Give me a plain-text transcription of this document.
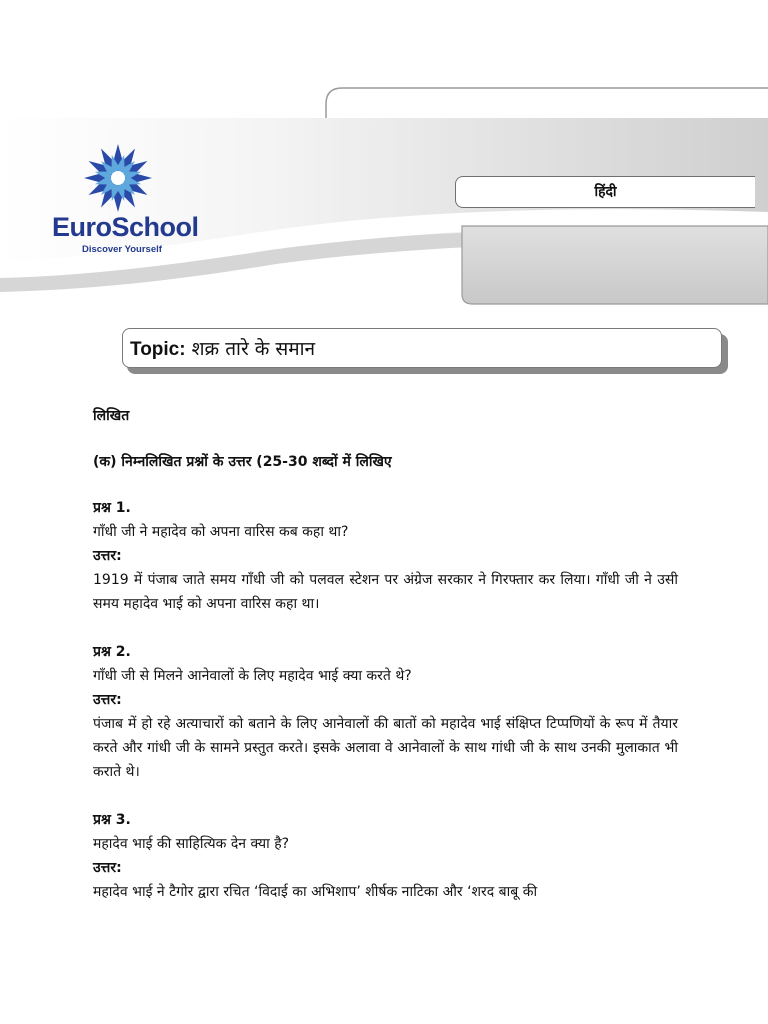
EuroSchool
Discover Yourself
हिंदी
Topic: शक्र तारे के समान

लिखित

(क) निम्नलिखित प्रश्नों के उत्तर (25-30 शब्दों में लिखिए

प्रश्न 1.

गाँधी जी ने महादेव को अपना वारिस कब कहा था?

उत्तर:

1919 में पंजाब जाते समय गाँधी जी को पलवल स्टेशन पर अंग्रेज सरकार ने गिरफ्तार कर लिया। गाँधी जी ने उसी समय महादेव भाई को अपना वारिस कहा था।

प्रश्न 2.

गाँधी जी से मिलने आनेवालों के लिए महादेव भाई क्या करते थे?

उत्तर:

पंजाब में हो रहे अत्याचारों को बताने के लिए आनेवालों की बातों को महादेव भाई संक्षिप्त टिप्पणियों के रूप में तैयार करते और गांधी जी के सामने प्रस्तुत करते। इसके अलावा वे आनेवालों के साथ गांधी जी के साथ उनकी मुलाकात भी कराते थे।

प्रश्न 3.

महादेव भाई की साहित्यिक देन क्या है?

उत्तर:

महादेव भाई ने टैगोर द्वारा रचित ‘विदाई का अभिशाप’ शीर्षक नाटिका और ‘शरद बाबू की
